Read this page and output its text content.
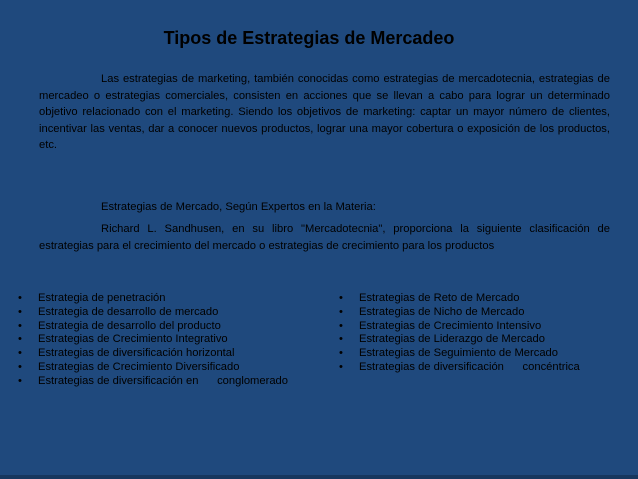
Tipos de Estrategias de Mercadeo

Las estrategias de marketing, también conocidas como estrategias de mercadotecnia, estrategias de mercadeo o estrategias comerciales, consisten en acciones que se llevan a cabo para lograr un determinado objetivo relacionado con el marketing. Siendo los objetivos de marketing: captar un mayor número de clientes, incentivar las ventas, dar a conocer nuevos productos, lograr una mayor cobertura o exposición de los productos, etc.

Estrategias de Mercado, Según Expertos en la Materia:

Richard L. Sandhusen, en su libro "Mercadotecnia", proporciona la siguiente clasificación de estrategias para el crecimiento del mercado o estrategias de crecimiento para los productos

• Estrategia de penetración
• Estrategia de desarrollo de mercado
• Estrategia de desarrollo del producto
• Estrategias de Crecimiento Integrativo
• Estrategias de diversificación horizontal
• Estrategias de Crecimiento Diversificado
• Estrategias de diversificación en      conglomerado
• Estrategias de Reto de Mercado
• Estrategias de Nicho de Mercado
• Estrategias de Crecimiento Intensivo
• Estrategias de Liderazgo de Mercado
• Estrategias de Seguimiento de Mercado
• Estrategias de diversificación      concéntrica
